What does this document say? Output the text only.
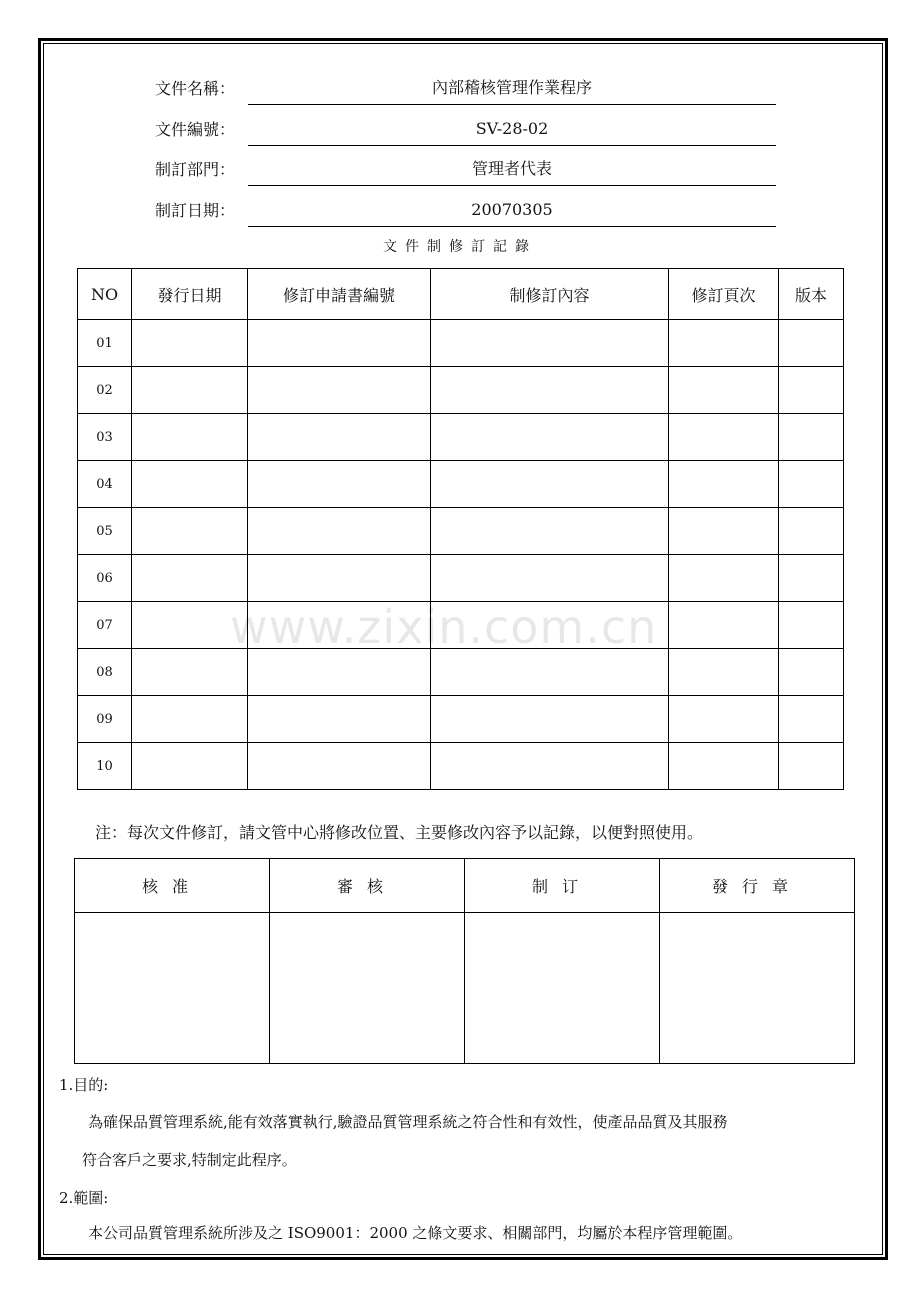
文件名稱：	內部稽核管理作業程序
文件編號：	SV-28-02
制訂部門：	管理者代表
制訂日期：	20070305
文件制修訂記錄
NO	發行日期	修訂申請書編號	制修訂內容	修訂頁次	版本
01					
02					
03					
04					
05					
06					
07					
08					
09					
10					
www.zixin.com.cn
注：每次文件修訂，請文管中心將修改位置、主要修改內容予以記錄，以便對照使用。
核准	審核	制订	發行章

1.目的:
為確保品質管理系統,能有效落實執行,驗證品質管理系統之符合性和有效性，使產品品質及其服務
符合客戶之要求,特制定此程序。
2.範圍:
本公司品質管理系統所涉及之 ISO9001：2000 之條文要求、相關部門，均屬於本程序管理範圍。
